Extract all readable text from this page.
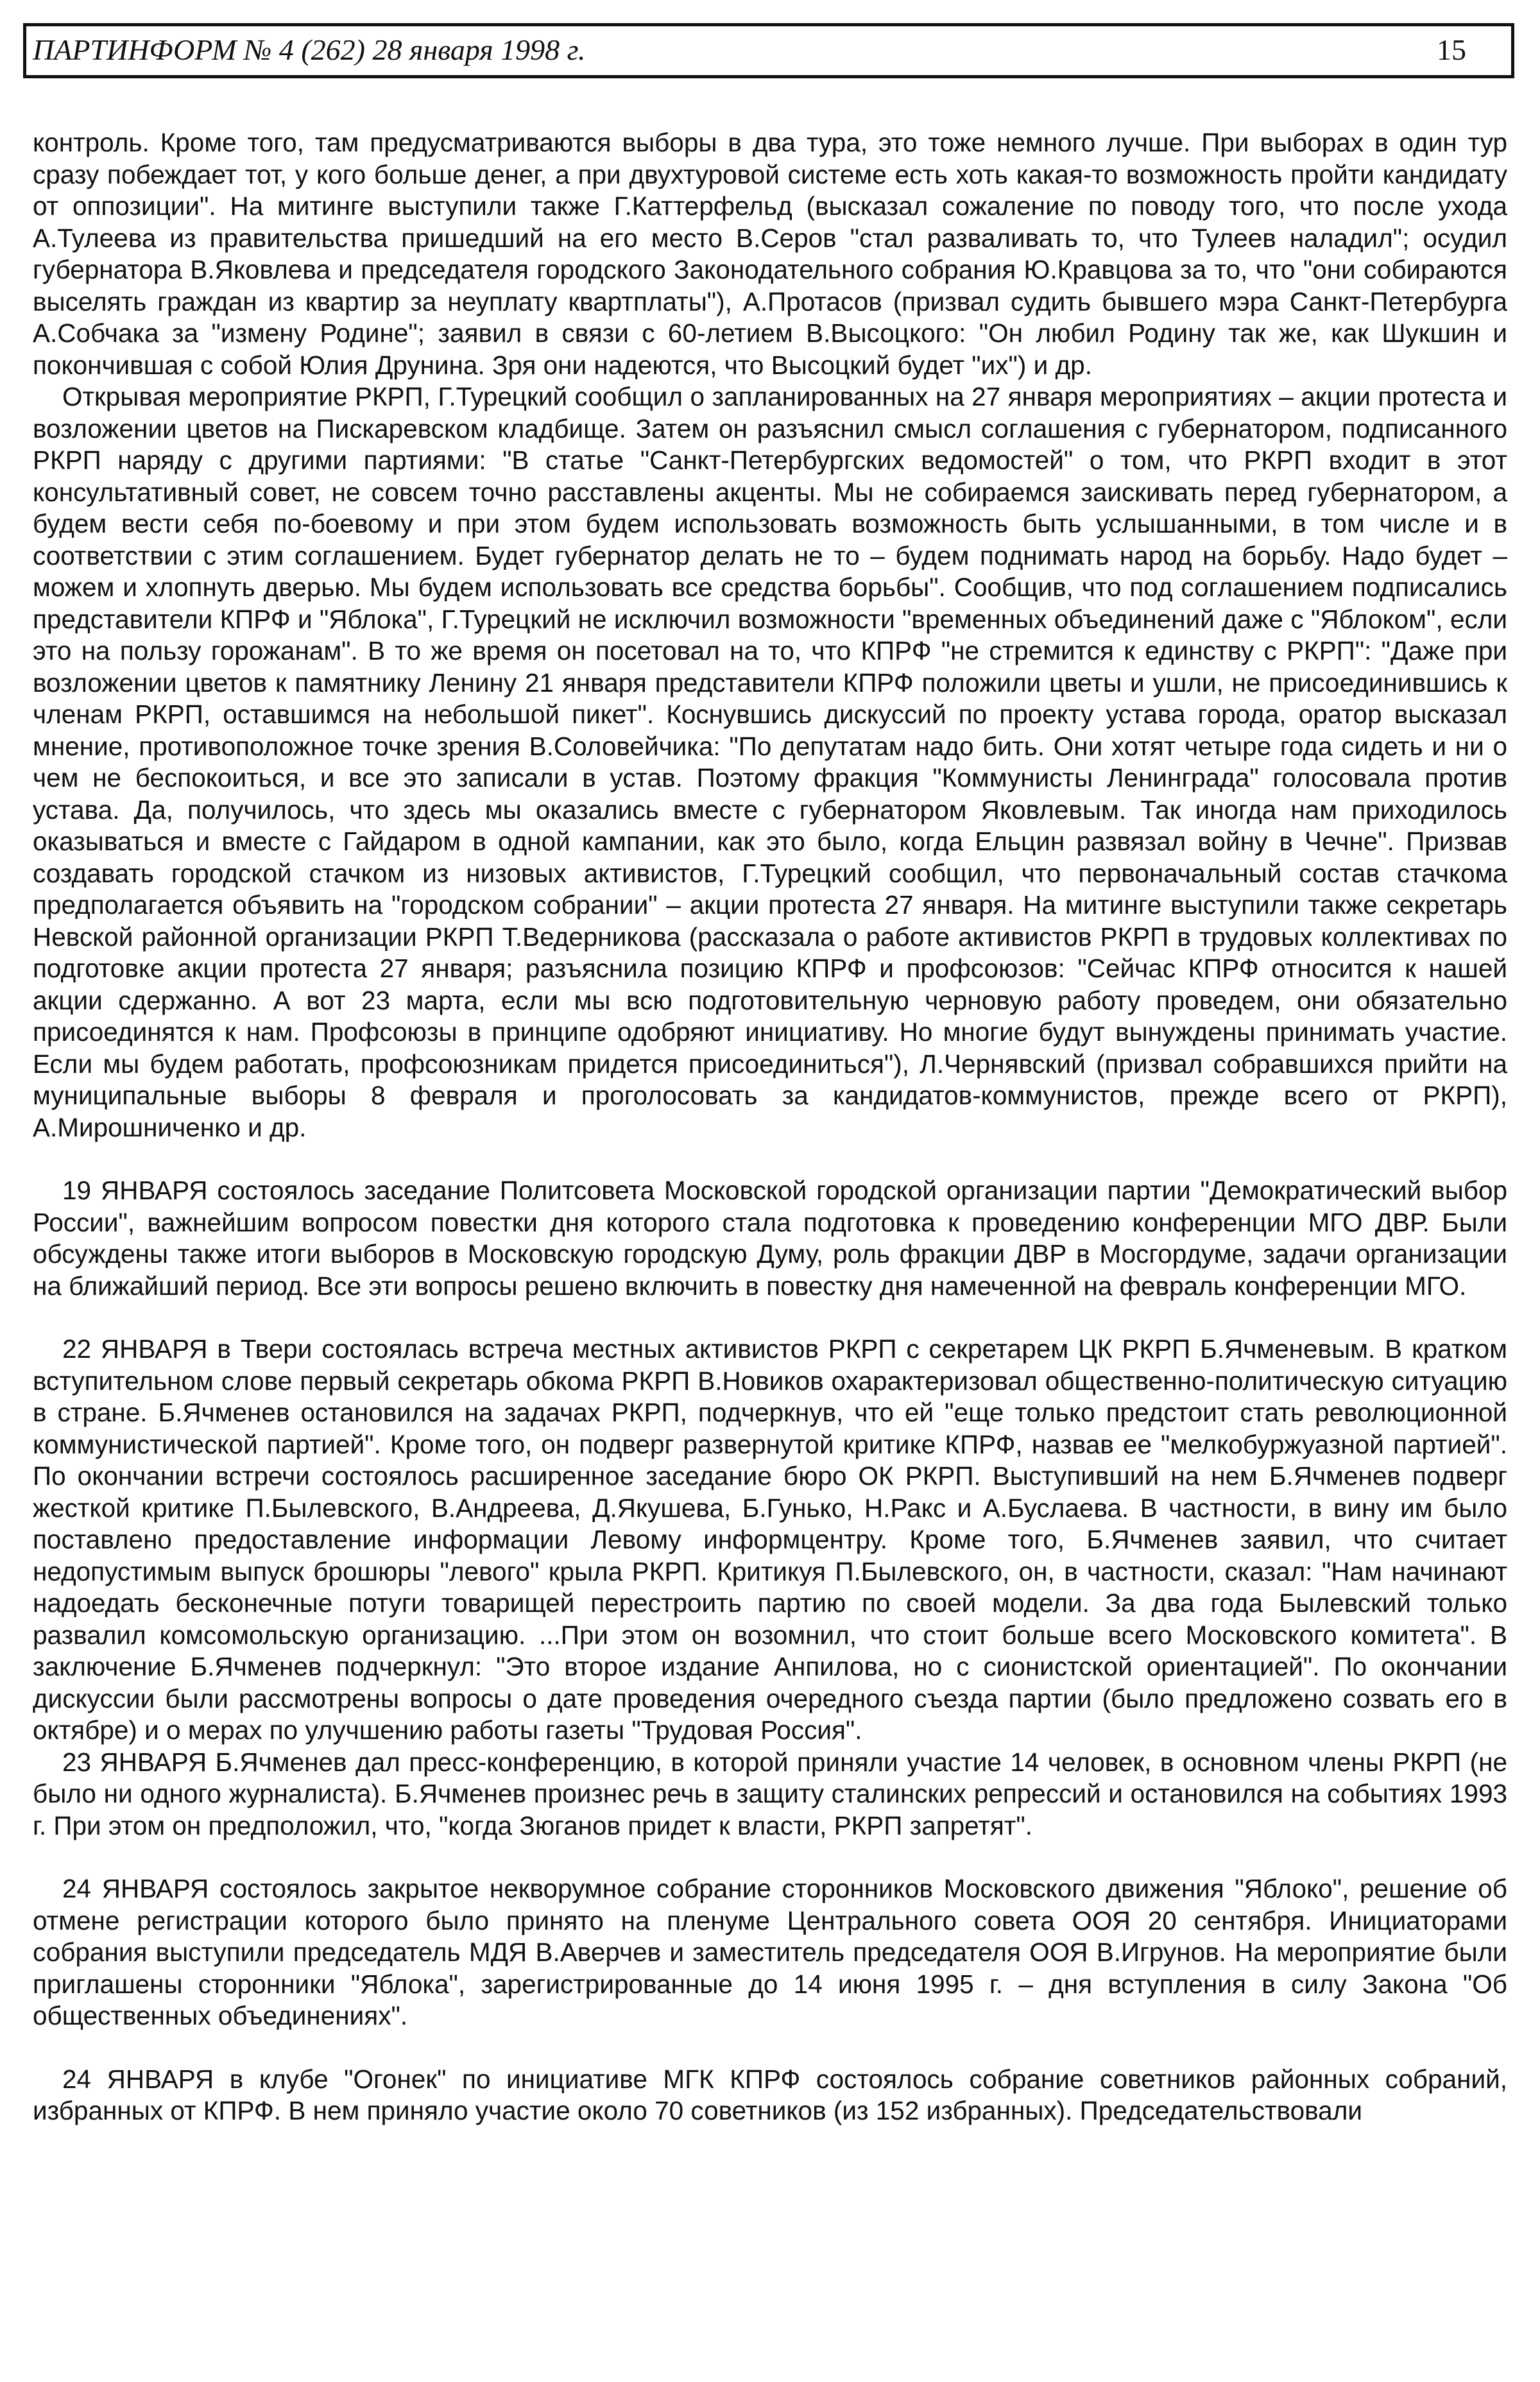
ПАРТИНФОРМ № 4 (262) 28 января 1998 г.	15

контроль. Кроме того, там предусматриваются выборы в два тура, это тоже немного лучше. При выборах в один тур сразу побеждает тот, у кого больше денег, а при двухтуровой системе есть хоть какая-то возможность пройти кандидату от оппозиции". На митинге выступили также Г.Каттерфельд (высказал сожаление по поводу того, что после ухода А.Тулеева из правительства пришедший на его место В.Серов "стал разваливать то, что Тулеев наладил"; осудил губернатора В.Яковлева и председателя городского Законодательного собрания Ю.Кравцова за то, что "они собираются выселять граждан из квартир за неуплату квартплаты"), А.Протасов (призвал судить бывшего мэра Санкт-Петербурга А.Собчака за "измену Родине"; заявил в связи с 60-летием В.Высоцкого: "Он любил Родину так же, как Шукшин и покончившая с собой Юлия Друнина. Зря они надеются, что Высоцкий будет "их") и др.

Открывая мероприятие РКРП, Г.Турецкий сообщил о запланированных на 27 января мероприятиях – акции протеста и возложении цветов на Пискаревском кладбище. Затем он разъяснил смысл соглашения с губернатором, подписанного РКРП наряду с другими партиями: "В статье "Санкт-Петербургских ведомостей" о том, что РКРП входит в этот консультативный совет, не совсем точно расставлены акценты. Мы не собираемся заискивать перед губернатором, а будем вести себя по-боевому и при этом будем использовать возможность быть услышанными, в том числе и в соответствии с этим соглашением. Будет губернатор делать не то – будем поднимать народ на борьбу. Надо будет – можем и хлопнуть дверью. Мы будем использовать все средства борьбы". Сообщив, что под соглашением подписались представители КПРФ и "Яблока", Г.Турецкий не исключил возможности "временных объединений даже с "Яблоком", если это на пользу горожанам". В то же время он посетовал на то, что КПРФ "не стремится к единству с РКРП": "Даже при возложении цветов к памятнику Ленину 21 января представители КПРФ положили цветы и ушли, не присоединившись к членам РКРП, оставшимся на небольшой пикет". Коснувшись дискуссий по проекту устава города, оратор высказал мнение, противоположное точке зрения В.Соловейчика: "По депутатам надо бить. Они хотят четыре года сидеть и ни о чем не беспокоиться, и все это записали в устав. Поэтому фракция "Коммунисты Ленинграда" голосовала против устава. Да, получилось, что здесь мы оказались вместе с губернатором Яковлевым. Так иногда нам приходилось оказываться и вместе с Гайдаром в одной кампании, как это было, когда Ельцин развязал войну в Чечне". Призвав создавать городской стачком из низовых активистов, Г.Турецкий сообщил, что первоначальный состав стачкома предполагается объявить на "городском собрании" – акции протеста 27 января. На митинге выступили также секретарь Невской районной организации РКРП Т.Ведерникова (рассказала о работе активистов РКРП в трудовых коллективах по подготовке акции протеста 27 января; разъяснила позицию КПРФ и профсоюзов: "Сейчас КПРФ относится к нашей акции сдержанно. А вот 23 марта, если мы всю подготовительную черновую работу проведем, они обязательно присоединятся к нам. Профсоюзы в принципе одобряют инициативу. Но многие будут вынуждены принимать участие. Если мы будем работать, профсоюзникам придется присоединиться"), Л.Чернявский (призвал собравшихся прийти на муниципальные выборы 8 февраля и проголосовать за кандидатов-коммунистов, прежде всего от РКРП), А.Мирошниченко и др.

19 ЯНВАРЯ состоялось заседание Политсовета Московской городской организации партии "Демократический выбор России", важнейшим вопросом повестки дня которого стала подготовка к проведению конференции МГО ДВР. Были обсуждены также итоги выборов в Московскую городскую Думу, роль фракции ДВР в Мосгордуме, задачи организации на ближайший период. Все эти вопросы решено включить в повестку дня намеченной на февраль конференции МГО.

22 ЯНВАРЯ в Твери состоялась встреча местных активистов РКРП с секретарем ЦК РКРП Б.Ячменевым. В кратком вступительном слове первый секретарь обкома РКРП В.Новиков охарактеризовал общественно-политическую ситуацию в стране. Б.Ячменев остановился на задачах РКРП, подчеркнув, что ей "еще только предстоит стать революционной коммунистической партией". Кроме того, он подверг развернутой критике КПРФ, назвав ее "мелкобуржуазной партией". По окончании встречи состоялось расширенное заседание бюро ОК РКРП. Выступивший на нем Б.Ячменев подверг жесткой критике П.Былевского, В.Андреева, Д.Якушева, Б.Гунько, Н.Ракс и А.Буслаева. В частности, в вину им было поставлено предоставление информации Левому информцентру. Кроме того, Б.Ячменев заявил, что считает недопустимым выпуск брошюры "левого" крыла РКРП. Критикуя П.Былевского, он, в частности, сказал: "Нам начинают надоедать бесконечные потуги товарищей перестроить партию по своей модели. За два года Былевский только развалил комсомольскую организацию. ...При этом он возомнил, что стоит больше всего Московского комитета". В заключение Б.Ячменев подчеркнул: "Это второе издание Анпилова, но с сионистской ориентацией". По окончании дискуссии были рассмотрены вопросы о дате проведения очередного съезда партии (было предложено созвать его в октябре) и о мерах по улучшению работы газеты "Трудовая Россия".

23 ЯНВАРЯ Б.Ячменев дал пресс-конференцию, в которой приняли участие 14 человек, в основном члены РКРП (не было ни одного журналиста). Б.Ячменев произнес речь в защиту сталинских репрессий и остановился на событиях 1993 г. При этом он предположил, что, "когда Зюганов придет к власти, РКРП запретят".

24 ЯНВАРЯ состоялось закрытое некворумное собрание сторонников Московского движения "Яблоко", решение об отмене регистрации которого было принято на пленуме Центрального совета ООЯ 20 сентября. Инициаторами собрания выступили председатель МДЯ В.Аверчев и заместитель председателя ООЯ В.Игрунов. На мероприятие были приглашены сторонники "Яблока", зарегистрированные до 14 июня 1995 г. – дня вступления в силу Закона "Об общественных объединениях".

24 ЯНВАРЯ в клубе "Огонек" по инициативе МГК КПРФ состоялось собрание советников районных собраний, избранных от КПРФ. В нем приняло участие около 70 советников (из 152 избранных). Председательствовали
